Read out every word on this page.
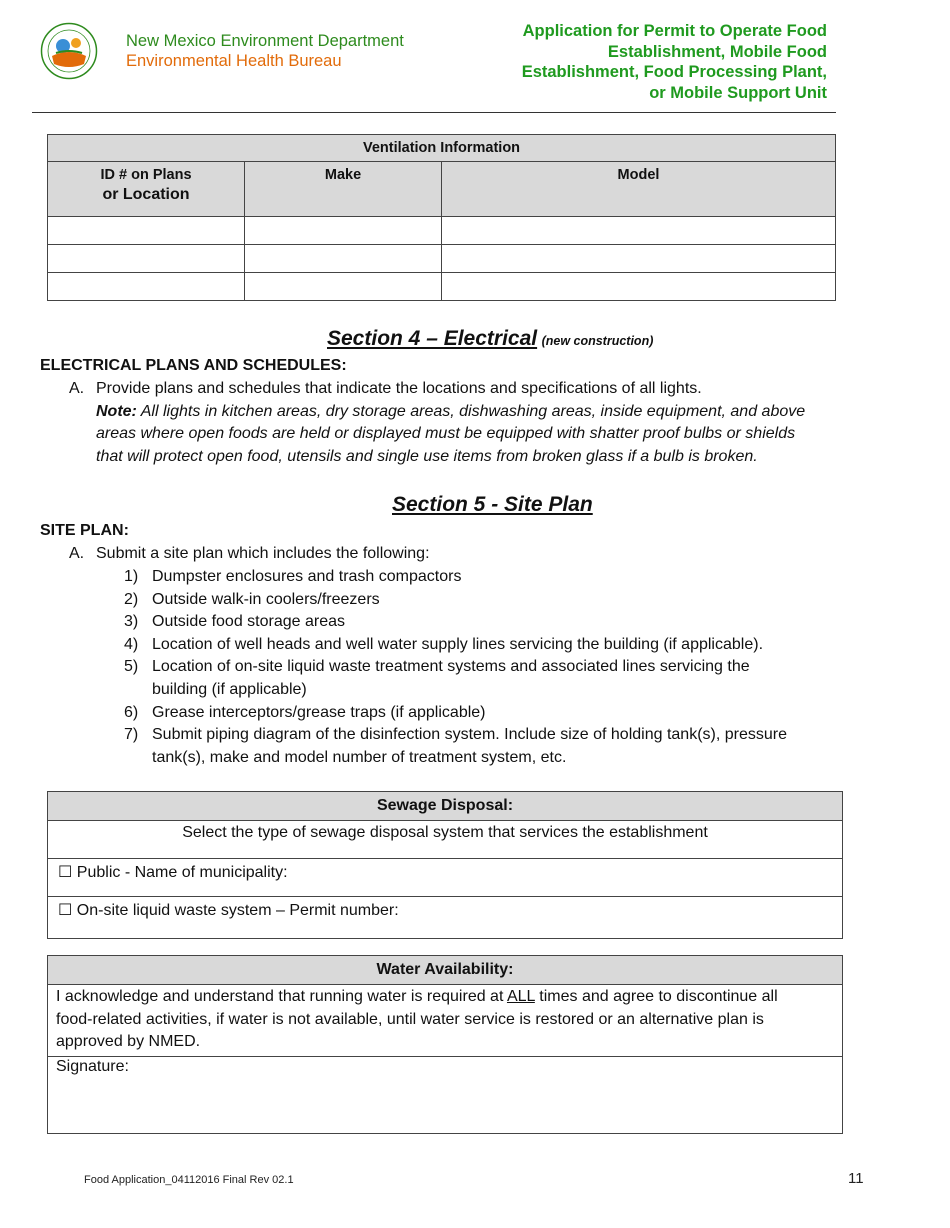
New Mexico Environment Department
Environmental Health Bureau
Application for Permit to Operate Food
Establishment, Mobile Food
Establishment, Food Processing Plant,
or Mobile Support Unit
Ventilation Information		

ID # on Plans
or Location	Make	Model

Section 4 – Electrical (new construction)
ELECTRICAL PLANS AND SCHEDULES:
A. Provide plans and schedules that indicate the locations and specifications of all lights.
Note: All lights in kitchen areas, dry storage areas, dishwashing areas, inside equipment, and above
areas where open foods are held or displayed must be equipped with shatter proof bulbs or shields
that will protect open food, utensils and single use items from broken glass if a bulb is broken.
Section 5 - Site Plan
SITE PLAN:
A. Submit a site plan which includes the following:
1) Dumpster enclosures and trash compactors
2) Outside walk-in coolers/freezers
3) Outside food storage areas
4) Location of well heads and well water supply lines servicing the building (if applicable).
5) Location of on-site liquid waste treatment systems and associated lines servicing the
building (if applicable)
6) Grease interceptors/grease traps (if applicable)
7) Submit piping diagram of the disinfection system. Include size of holding tank(s), pressure
tank(s), make and model number of treatment system, etc.
Sewage Disposal:
Select the type of sewage disposal system that services the establishment
☐ Public - Name of municipality:
☐ On-site liquid waste system – Permit number:
Water Availability:

I acknowledge and understand that running water is required at ALL times and agree to discontinue all
food-related activities, if water is not available, until water service is restored or an alternative plan is
approved by NMED.

Signature:
Food Application_04112016 Final Rev 02.1	11
